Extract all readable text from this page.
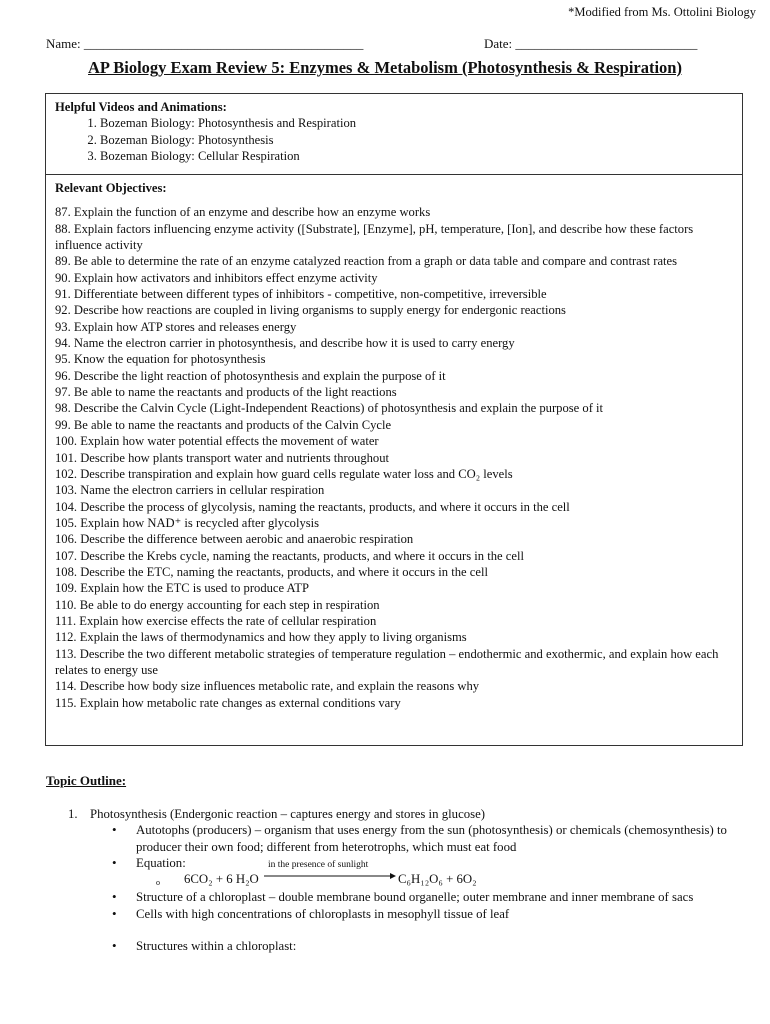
*Modified from Ms. Ottolini Biology
Name: ___________________________________________	Date: ____________________________
AP Biology Exam Review 5: Enzymes & Metabolism (Photosynthesis & Respiration)
Helpful Videos and Animations:
1. Bozeman Biology: Photosynthesis and Respiration
2. Bozeman Biology: Photosynthesis
3. Bozeman Biology: Cellular Respiration
Relevant Objectives:

87. Explain the function of an enzyme and describe how an enzyme works

88. Explain factors influencing enzyme activity ([Substrate], [Enzyme], pH, temperature, [Ion], and describe how these factors influence activity

89. Be able to determine the rate of an enzyme catalyzed reaction from a graph or data table and compare and contrast rates

90. Explain how activators and inhibitors effect enzyme activity

91. Differentiate between different types of inhibitors - competitive, non-competitive, irreversible

92. Describe how reactions are coupled in living organisms to supply energy for endergonic reactions

93. Explain how ATP stores and releases energy

94. Name the electron carrier in photosynthesis, and describe how it is used to carry energy

95. Know the equation for photosynthesis

96. Describe the light reaction of photosynthesis and explain the purpose of it

97. Be able to name the reactants and products of the light reactions

98. Describe the Calvin Cycle (Light-Independent Reactions) of photosynthesis and explain the purpose of it

99. Be able to name the reactants and products of the Calvin Cycle

100. Explain how water potential effects the movement of water

101. Describe how plants transport water and nutrients throughout

102. Describe transpiration and explain how guard cells regulate water loss and CO₂ levels

103. Name the electron carriers in cellular respiration

104. Describe the process of glycolysis, naming the reactants, products, and where it occurs in the cell

105. Explain how NAD⁺ is recycled after glycolysis

106. Describe the difference between aerobic and anaerobic respiration

107. Describe the Krebs cycle, naming the reactants, products, and where it occurs in the cell

108. Describe the ETC, naming the reactants, products, and where it occurs in the cell

109. Explain how the ETC is used to produce ATP

110. Be able to do energy accounting for each step in respiration

111. Explain how exercise effects the rate of cellular respiration

112. Explain the laws of thermodynamics and how they apply to living organisms

113. Describe the two different metabolic strategies of temperature regulation – endothermic and exothermic, and explain how each relates to energy use

114. Describe how body size influences metabolic rate, and explain the reasons why

115. Explain how metabolic rate changes as external conditions vary

Topic Outline:
1. Photosynthesis (Endergonic reaction – captures energy and stores in glucose)
• Autotophs (producers) – organism that uses energy from the sun (photosynthesis) or chemicals (chemosynthesis) to producer their own food; different from heterotrophs, which must eat food
Equation:
o 6CO₂ + 6 H₂O
in the presence of sunlight
C₆H₁₂O₆ + 6O₂
• Structure of a chloroplast – double membrane bound organelle; outer membrane and inner membrane of sacs
• Cells with high concentrations of chloroplasts in mesophyll tissue of leaf
• Structures within a chloroplast:
